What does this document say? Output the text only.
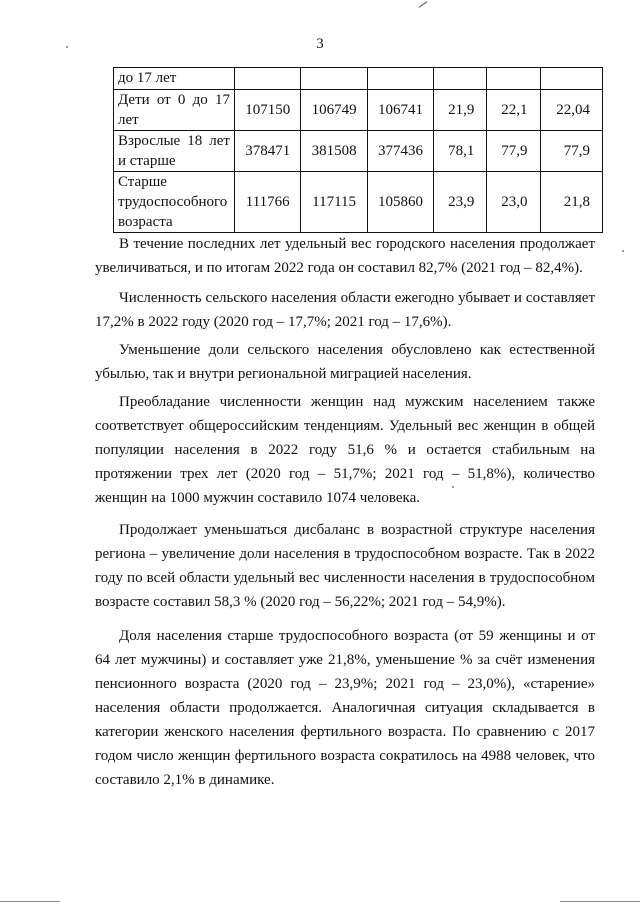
3
до 17 лет						
Дети от 0 до 17 лет	107150	106749	106741	21,9	22,1	22,04
Взрослые 18 лет и старше	378471	381508	377436	78,1	77,9	77,9
Старше трудоспособного возраста	111766	117115	105860	23,9	23,0	21,8

В течение последних лет удельный вес городского населения продолжает увеличиваться, и по итогам 2022 года он составил 82,7% (2021 год – 82,4%).

Численность сельского населения области ежегодно убывает и составляет 17,2% в 2022 году (2020 год – 17,7%; 2021 год – 17,6%).

Уменьшение доли сельского населения обусловлено как естественной убылью, так и внутри региональной миграцией населения.

Преобладание численности женщин над мужским населением также соответствует общероссийским тенденциям. Удельный вес женщин в общей популяции населения в 2022 году 51,6 % и остается стабильным на протяжении трех лет (2020 год – 51,7%; 2021 год – 51,8%), количество женщин на 1000 мужчин составило 1074 человека.

Продолжает уменьшаться дисбаланс в возрастной структуре населения региона – увеличение доли населения в трудоспособном возрасте. Так в 2022 году по всей области удельный вес численности населения в трудоспособном возрасте составил 58,3 % (2020 год – 56,22%; 2021 год – 54,9%).

Доля населения старше трудоспособного возраста (от 59 женщины и от 64 лет мужчины) и составляет уже 21,8%, уменьшение % за счёт изменения пенсионного возраста (2020 год – 23,9%; 2021 год – 23,0%), «старение» населения области продолжается. Аналогичная ситуация складывается в категории женского населения фертильного возраста. По сравнению с 2017 годом число женщин фертильного возраста сократилось на 4988 человек, что составило 2,1% в динамике.
